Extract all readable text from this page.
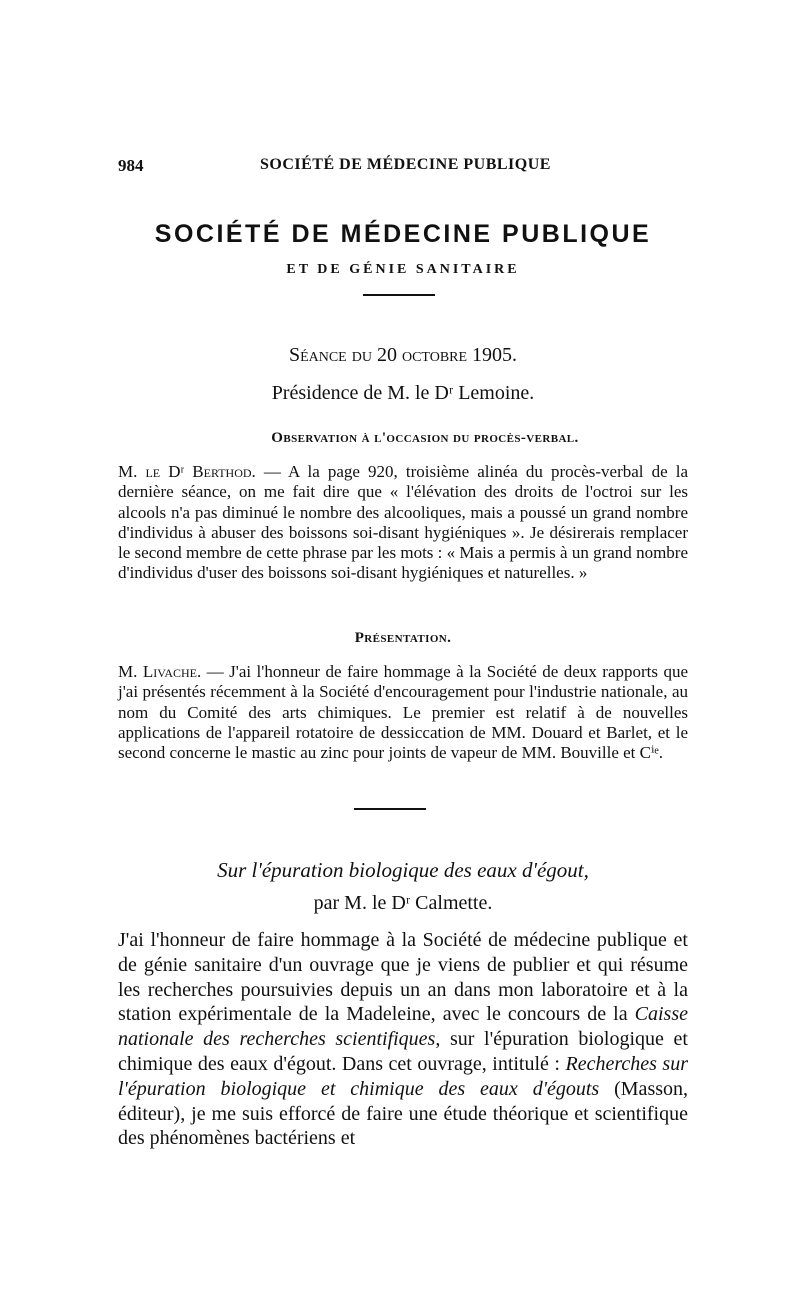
984	SOCIÉTÉ DE MÉDECINE PUBLIQUE
SOCIÉTÉ DE MÉDECINE PUBLIQUE
ET DE GÉNIE SANITAIRE
Séance du 20 octobre 1905.
Présidence de M. le Dʳ Lemoine.
Observation à l'occasion du procès-verbal.

M. le Dʳ Berthod. — A la page 920, troisième alinéa du procès-verbal de la dernière séance, on me fait dire que « l'élévation des droits de l'octroi sur les alcools n'a pas diminué le nombre des alcooliques, mais a poussé un grand nombre d'individus à abuser des boissons soi-disant hygiéniques ». Je désirerais remplacer le second membre de cette phrase par les mots : « Mais a permis à un grand nombre d'individus d'user des boissons soi-disant hygiéniques et naturelles. »

Présentation.

M. Livache. — J'ai l'honneur de faire hommage à la Société de deux rapports que j'ai présentés récemment à la Société d'encouragement pour l'industrie nationale, au nom du Comité des arts chimiques. Le premier est relatif à de nouvelles applications de l'appareil rotatoire de dessiccation de MM. Douard et Barlet, et le second concerne le mastic au zinc pour joints de vapeur de MM. Bouville et Cⁱᵉ.

Sur l'épuration biologique des eaux d'égout,
par M. le Dʳ Calmette.

J'ai l'honneur de faire hommage à la Société de médecine publique et de génie sanitaire d'un ouvrage que je viens de publier et qui résume les recherches poursuivies depuis un an dans mon laboratoire et à la station expérimentale de la Madeleine, avec le concours de la Caisse nationale des recherches scientifiques, sur l'épuration biologique et chimique des eaux d'égout. Dans cet ouvrage, intitulé : Recherches sur l'épuration biologique et chimique des eaux d'égouts (Masson, éditeur), je me suis efforcé de faire une étude théorique et scientifique des phénomènes bactériens et
